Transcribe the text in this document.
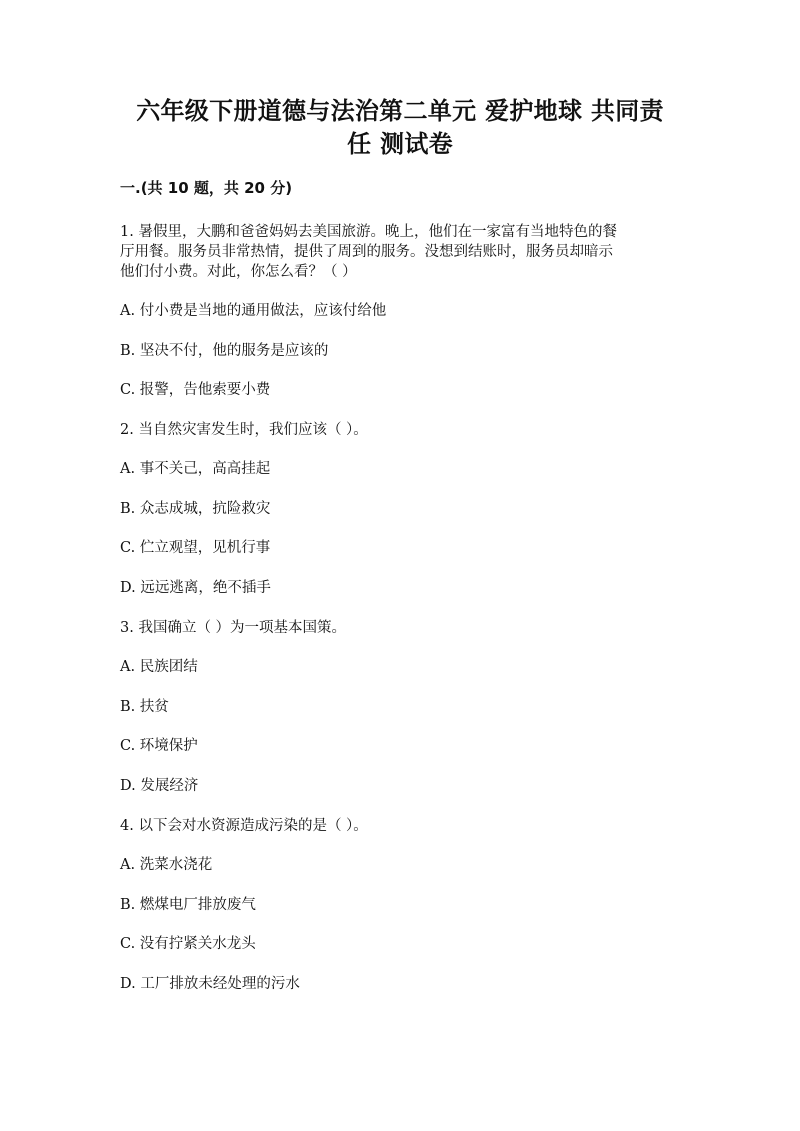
六年级下册道德与法治第二单元 爱护地球 共同责
任 测试卷
一.(共 10 题，共 20 分)
1. 暑假里，大鹏和爸爸妈妈去美国旅游。晚上，他们在一家富有当地特色的餐
厅用餐。服务员非常热情，提供了周到的服务。没想到结账时，服务员却暗示
他们付小费。对此，你怎么看？（ ）
A. 付小费是当地的通用做法，应该付给他
B. 坚决不付，他的服务是应该的
C. 报警，告他索要小费
2. 当自然灾害发生时，我们应该（ ）。
A. 事不关己，高高挂起
B. 众志成城，抗险救灾
C. 伫立观望，见机行事
D. 远远逃离，绝不插手
3. 我国确立（ ）为一项基本国策。
A. 民族团结
B. 扶贫
C. 环境保护
D. 发展经济
4. 以下会对水资源造成污染的是（ ）。
A. 洗菜水浇花
B. 燃煤电厂排放废气
C. 没有拧紧关水龙头
D. 工厂排放未经处理的污水
